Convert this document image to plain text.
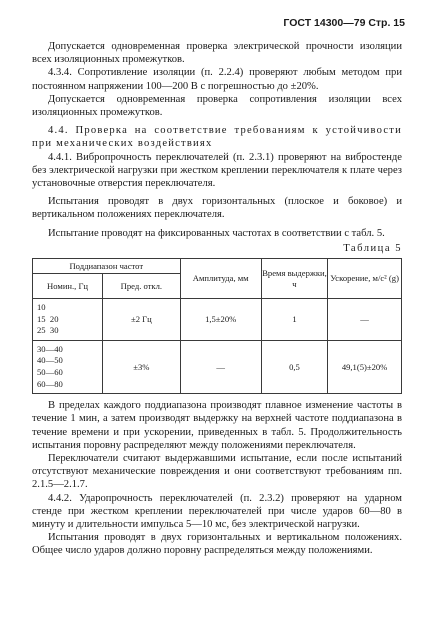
ГОСТ 14300—79 Стр. 15

Допускается одновременная проверка электрической прочности изоляции всех изоляционных промежутков.

4.3.4. Сопротивление изоляции (п. 2.2.4) проверяют любым методом при постоянном напряжении 100—200 В с погрешностью до ±20%.

Допускается одновременная проверка сопротивления изоляции всех изоляционных промежутков.

4.4. Проверка на соответствие требованиям к устойчивости при механических воздействиях

4.4.1. Вибропрочность переключателей (п. 2.3.1) проверяют на вибростенде без электрической нагрузки при жестком креплении переключателя к плате через установочные отверстия переключателя.

Испытания проводят в двух горизонтальных (плоское и боковое) и вертикальном положениях переключателя.

Испытание проводят на фиксированных частотах в соответствии с табл. 5.

Таблица 5

Поддиапазон частот		Амплитуда, мм	Время выдержки, ч	Ускорение, м/с² (g)
Номин., Гц	Пред. откл.			

10
15 20
25 30	±2 Гц	1,5±20%	1	—

30—40
40—50
50—60
60—80	±3%	—	0,5	49,1(5)±20%

В пределах каждого поддиапазона производят плавное изменение частоты в течение 1 мин, а затем производят выдержку на верхней частоте поддиапазона в течение времени и при ускорении, приведенных в табл. 5. Продолжительность испытания поровну распределяют между положениями переключателя.

Переключатели считают выдержавшими испытание, если после испытаний отсутствуют механические повреждения и они соответствуют требованиям пп. 2.1.5—2.1.7.

4.4.2. Ударопрочность переключателей (п. 2.3.2) проверяют на ударном стенде при жестком креплении переключателей при числе ударов 60—80 в минуту и длительности импульса 5—10 мс, без электрической нагрузки.

Испытания проводят в двух горизонтальных и вертикальном положениях. Общее число ударов должно поровну распределяться между положениями.
